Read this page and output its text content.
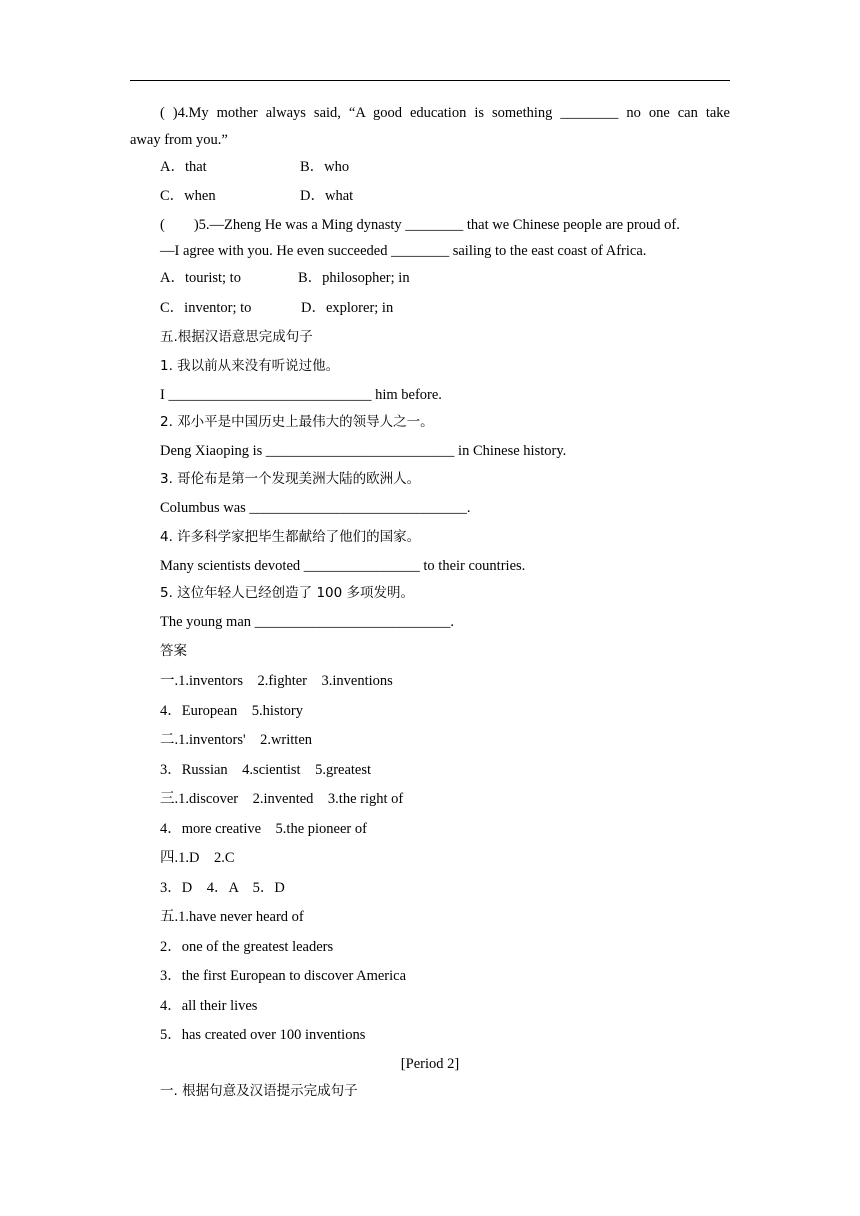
( )4.My mother always said, “A good education is something ________ no one can take
away from you.”
A．that	B．who
C．when	D．what
(        )5.—Zheng He was a Ming dynasty ________ that we Chinese people are proud of.
—I agree with you. He even succeeded ________ sailing to the east coast of Africa.
A．tourist; to	B．philosopher; in
C．inventor; to	D．explorer; in
五.根据汉语意思完成句子
1. 我以前从来没有听说过他。
I ____________________________ him before.
2. 邓小平是中国历史上最伟大的领导人之一。
Deng Xiaoping is __________________________ in Chinese history.
3. 哥伦布是第一个发现美洲大陆的欧洲人。
Columbus was ______________________________.
4. 许多科学家把毕生都献给了他们的国家。
Many scientists devoted ________________ to their countries.
5. 这位年轻人已经创造了 100 多项发明。
The young man ___________________________.
答案
一.1.inventors    2.fighter    3.inventions
4．European    5.history
二.1.inventors'    2.written
3．Russian    4.scientist    5.greatest
三.1.discover    2.invented    3.the right of
4．more creative    5.the pioneer of
四.1.D    2.C
3．D    4．A    5．D
五.1.have never heard of
2．one of the greatest leaders
3．the first European to discover America
4．all their lives
5．has created over 100 inventions
[Period 2]
一. 根据句意及汉语提示完成句子
